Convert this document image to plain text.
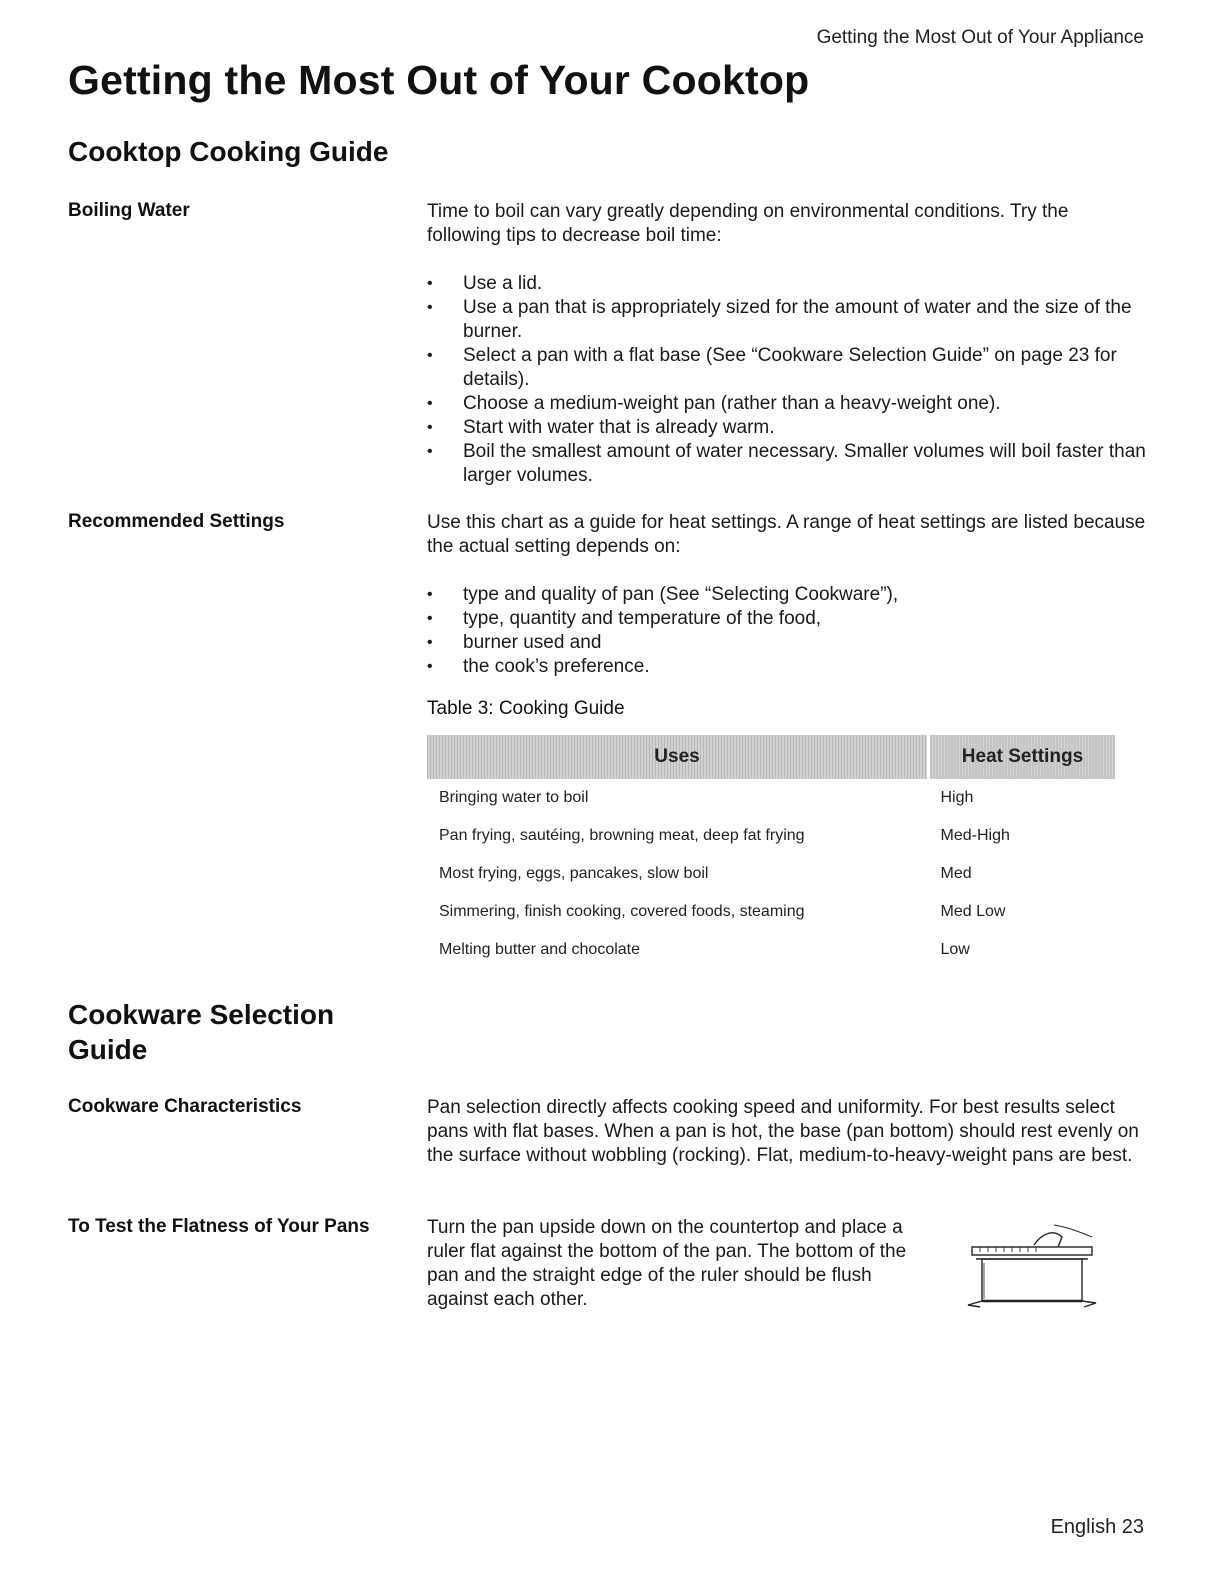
Getting the Most Out of Your Appliance
Getting the Most Out of Your Cooktop
Cooktop Cooking Guide
Boiling Water	Time to boil can vary greatly depending on environmental conditions. Try the following tips to decrease boil time:

• Use a lid.
• Use a pan that is appropriately sized for the amount of water and the size of the burner.
• Select a pan with a flat base (See “Cookware Selection Guide” on page 23 for details).
• Choose a medium-weight pan (rather than a heavy-weight one).
• Start with water that is already warm.
• Boil the smallest amount of water necessary. Smaller volumes will boil faster than larger volumes.
Recommended Settings	Use this chart as a guide for heat settings. A range of heat settings are listed because the actual setting depends on:

• type and quality of pan (See “Selecting Cookware”),
• type, quantity and temperature of the food,
• burner used and
• the cook’s preference.
Table 3: Cooking Guide
Uses	Heat Settings
Bringing water to boil	High
Pan frying, sautéing, browning meat, deep fat frying	Med-High
Most frying, eggs, pancakes, slow boil	Med
Simmering, finish cooking, covered foods, steaming	Med Low
Melting butter and chocolate	Low
Cookware Selection
Guide
Cookware Characteristics	Pan selection directly affects cooking speed and uniformity. For best results select pans with flat bases. When a pan is hot, the base (pan bottom) should rest evenly on the surface without wobbling (rocking). Flat, medium-to-heavy-weight pans are best.

To Test the Flatness of Your Pans	Turn the pan upside down on the countertop and place a ruler flat against the bottom of the pan. The bottom of the pan and the straight edge of the ruler should be flush against each other.

English 23
